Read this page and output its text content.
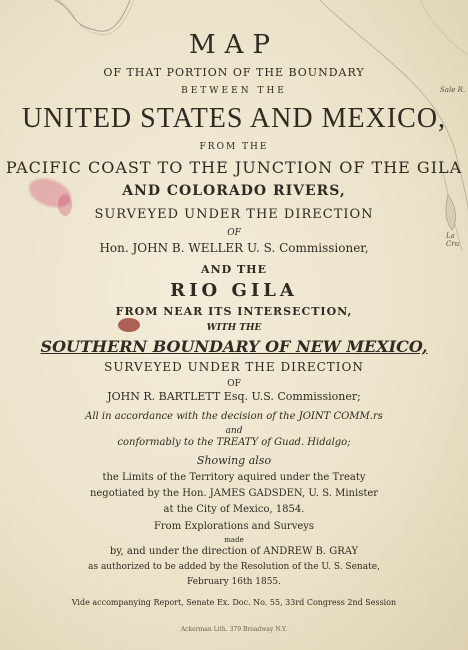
Sale R.
La Cru
MAP
OF THAT PORTION OF THE BOUNDARY
BETWEEN THE
UNITED STATES AND MEXICO,
FROM THE
PACIFIC COAST TO THE JUNCTION OF THE GILA
AND COLORADO RIVERS,
SURVEYED UNDER THE DIRECTION
OF
Hon. JOHN B. WELLER U. S. Commissioner,
AND THE
RIO GILA
FROM NEAR ITS INTERSECTION,
WITH THE
SOUTHERN BOUNDARY OF NEW MEXICO,
SURVEYED UNDER THE DIRECTION
OF
JOHN R. BARTLETT Esq. U.S. Commissioner;
All in accordance with the decision of the JOINT COMM.rs
and
conformably to the TREATY of Guad. Hidalgo;
Showing also
the Limits of the Territory aquired under the Treaty
negotiated by the Hon. JAMES GADSDEN, U. S. Minister
at the City of Mexico, 1854.
From Explorations and Surveys
made
by, and under the direction of ANDREW B. GRAY
as authorized to be added by the Resolution of the U. S. Senate,
February 16th 1855.
Vide accompanying Report, Senate Ex. Doc. No. 55, 33rd Congress 2nd Session
Ackerman Lith. 379 Broadway N.Y.
